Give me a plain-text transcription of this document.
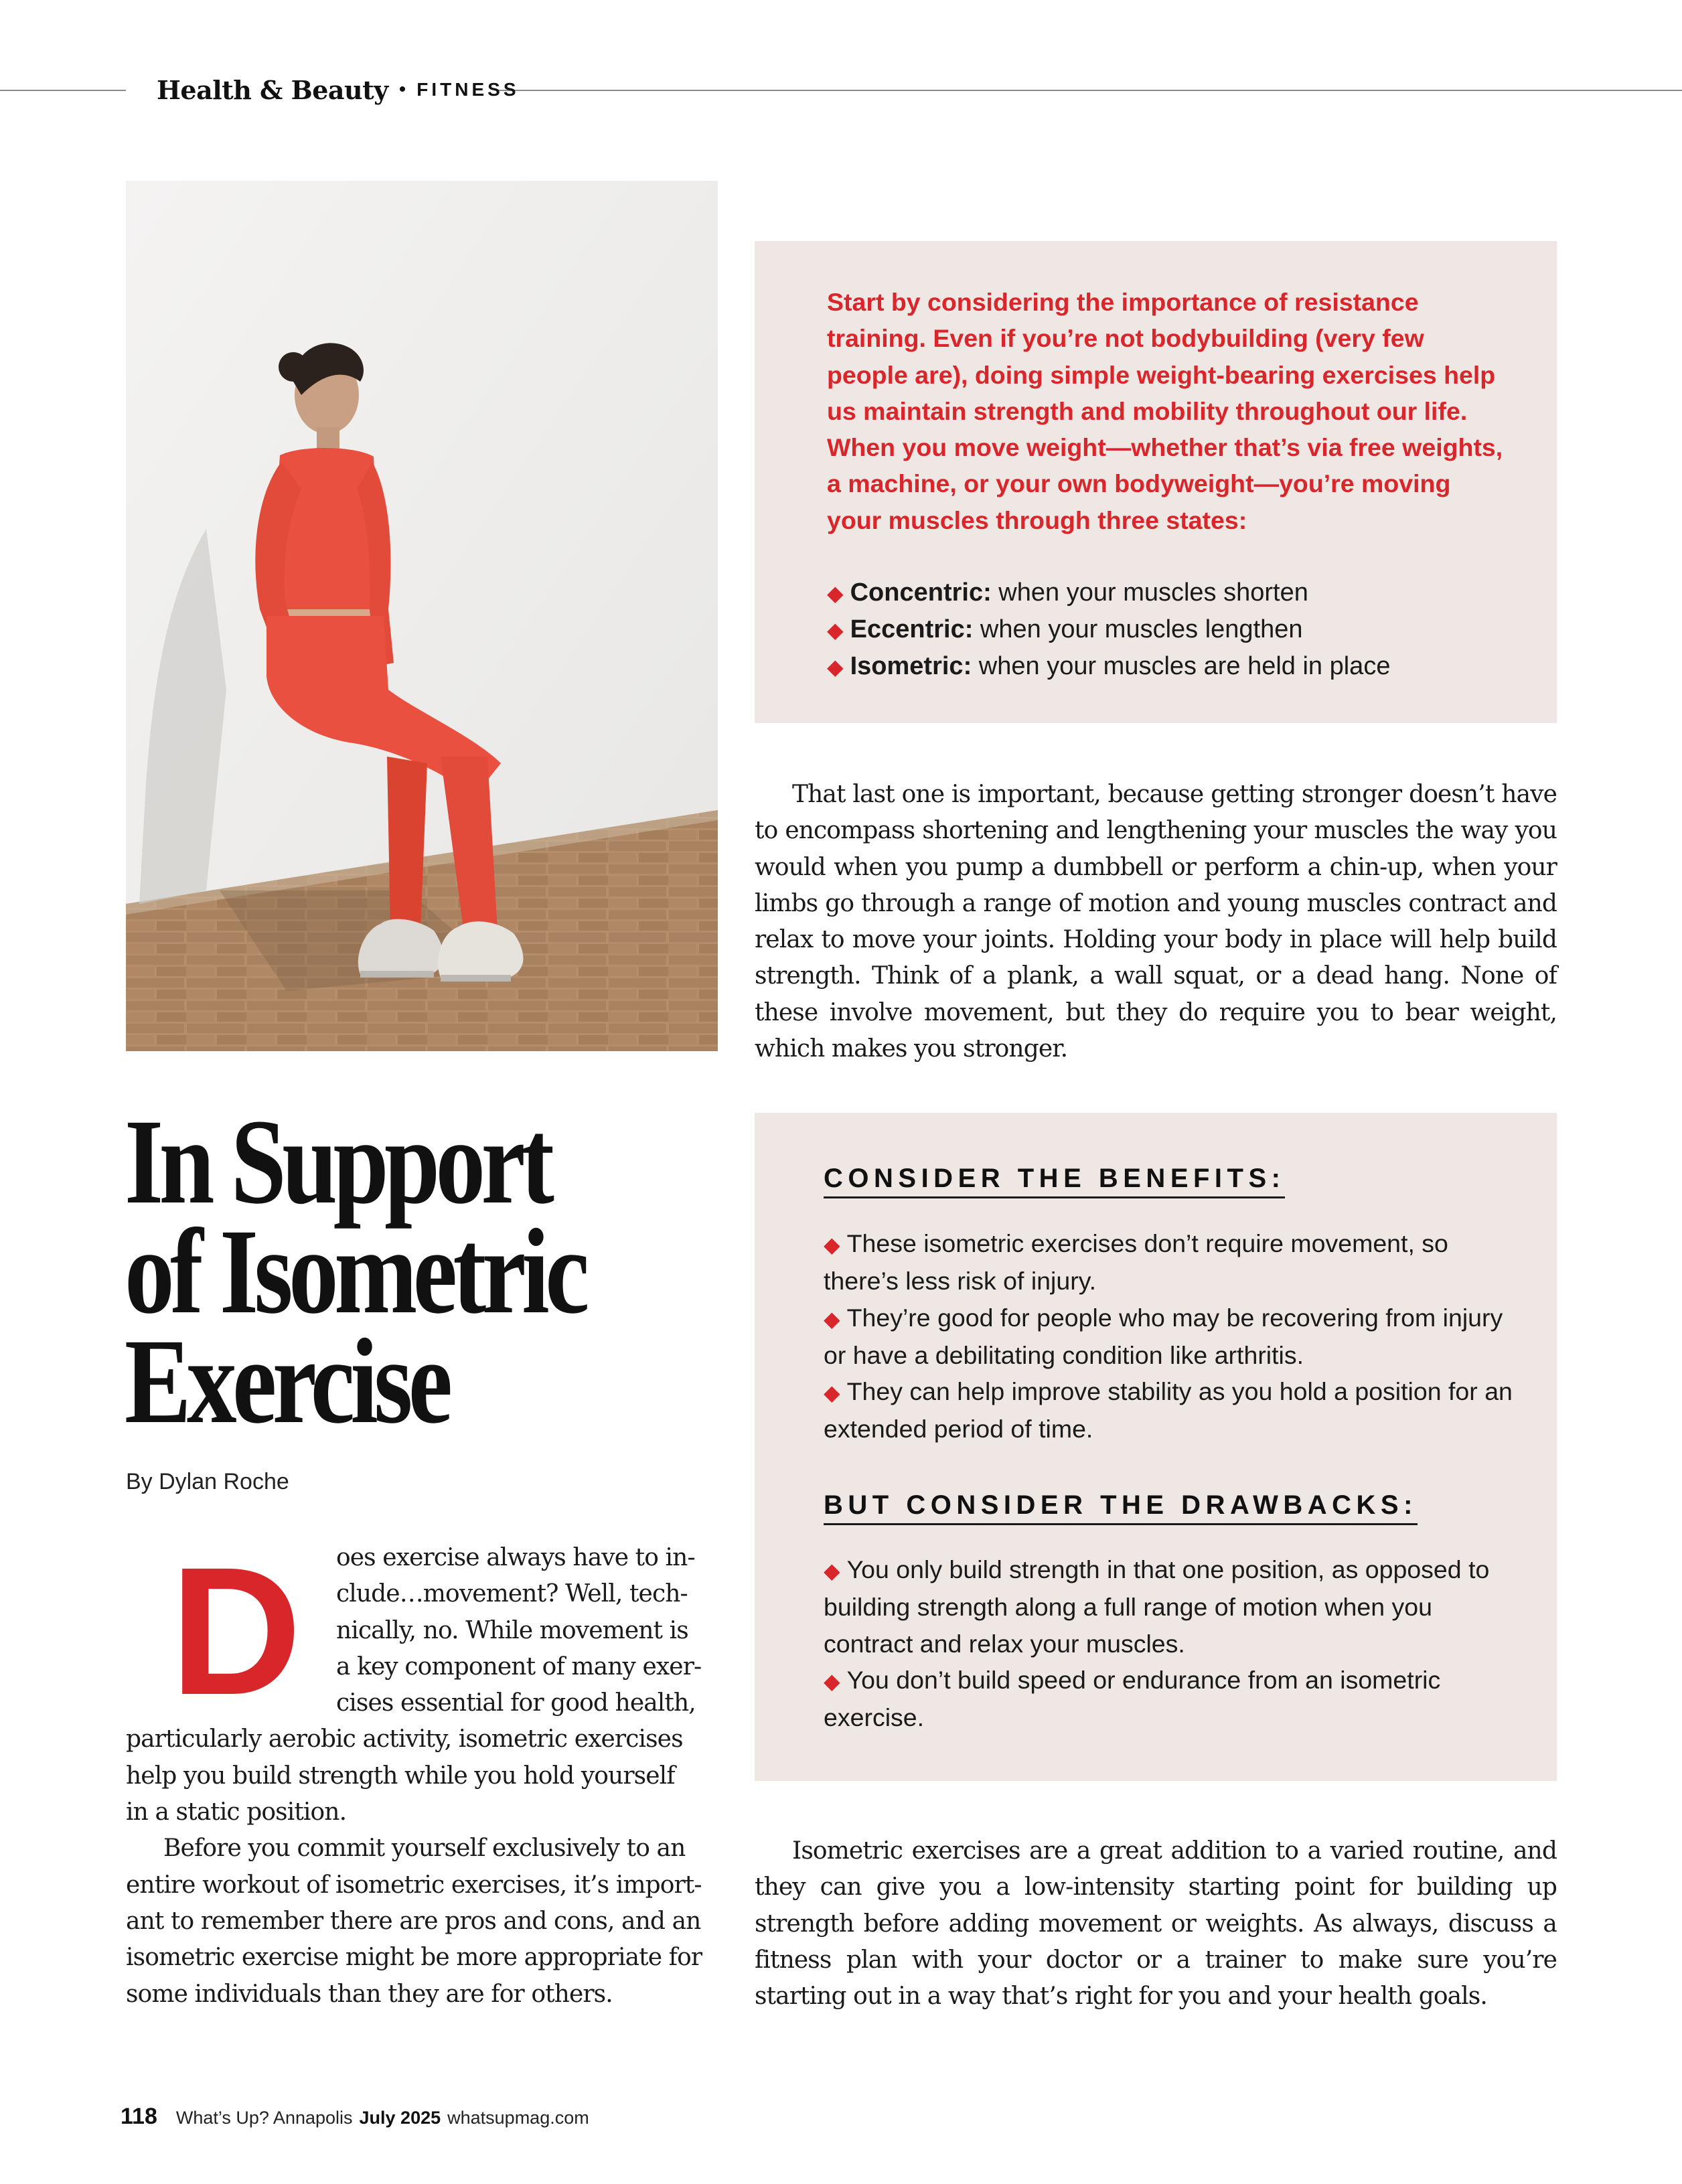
Health & Beauty • FITNESS
Start by considering the importance of resistance training. Even if you’re not bodybuilding (very few people are), doing simple weight-bearing exercises help us maintain strength and mobility throughout our life. When you move weight—whether that’s via free weights, a machine, or your own bodyweight—you’re moving your muscles through three states:
◆ Concentric: when your muscles shorten
◆ Eccentric: when your muscles lengthen
◆ Isometric: when your muscles are held in place

That last one is important, because getting stronger doesn’t have to encompass shortening and lengthening your muscles the way you would when you pump a dumbbell or perform a chin-up, when your limbs go through a range of motion and young muscles contract and relax to move your joints. Holding your body in place will help build strength. Think of a plank, a wall squat, or a dead hang. None of these involve movement, but they do require you to bear weight, which makes you stronger.

CONSIDER THE BENEFITS:
◆ These isometric exercises don’t require movement, so there’s less risk of injury.
◆ They’re good for people who may be recovering from injury or have a debilitating condition like arthritis.
◆ They can help improve stability as you hold a position for an extended period of time.
BUT CONSIDER THE DRAWBACKS:
◆ You only build strength in that one position, as opposed to building strength along a full range of motion when you contract and relax your muscles.
◆ You don’t build speed or endurance from an isometric exercise.

Isometric exercises are a great addition to a varied routine, and they can give you a low-intensity starting point for building up strength before adding movement or weights. As always, discuss a fitness plan with your doctor or a trainer to make sure you’re starting out in a way that’s right for you and your health goals.

In Support
of Isometric
Exercise
By Dylan Roche
D	oes exercise always have to in-
clude…movement? Well, tech-
nically, no. While movement is
a key component of many exer-
cises essential for good health,
particularly aerobic activity, isometric exercises
help you build strength while you hold yourself
in a static position.
Before you commit yourself exclusively to an
entire workout of isometric exercises, it’s import-
ant to remember there are pros and cons, and an
isometric exercise might be more appropriate for
some individuals than they are for others.
118 What’s Up? Annapolis July 2025 whatsupmag.com
